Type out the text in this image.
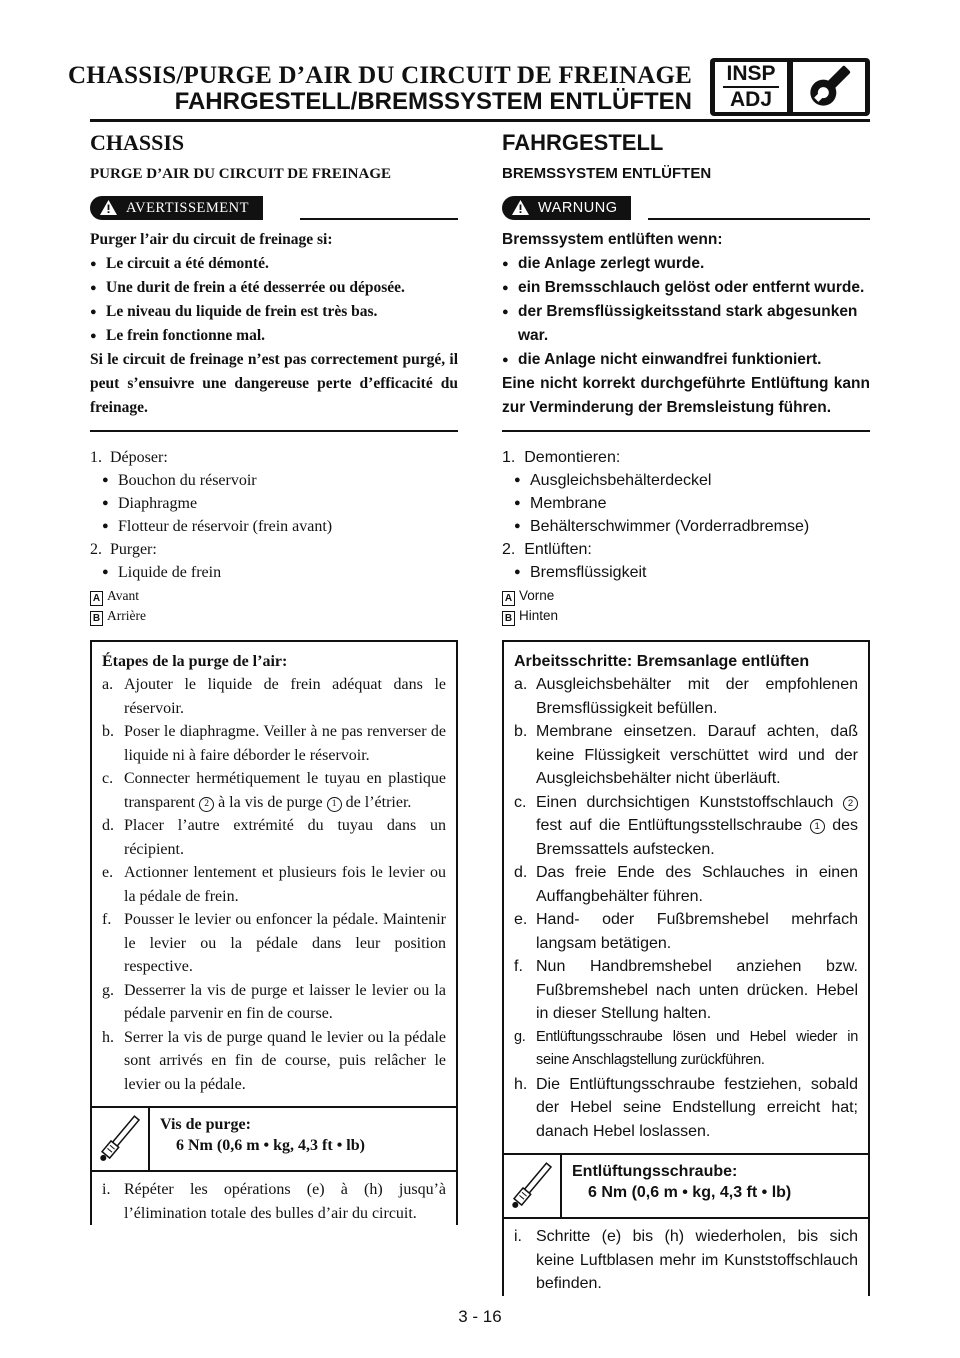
CHASSIS/PURGE D’AIR DU CIRCUIT DE FREINAGE
FAHRGESTELL/BREMSSYSTEM ENTLÜFTEN
INSP
ADJ
CHASSIS
PURGE D’AIR DU CIRCUIT DE FREINAGE
AVERTISSEMENT

Purger l’air du circuit de freinage si:

● Le circuit a été démonté.
● Une durit de frein a été desserrée ou déposée.
● Le niveau du liquide de frein est très bas.
● Le frein fonctionne mal.

Si le circuit de freinage n’est pas correctement purgé, il peut s’ensuivre une dangereuse perte d’efficacité du freinage.

1.  Déposer:
● Bouchon du réservoir
● Diaphragme
● Flotteur de réservoir (frein avant)
2.  Purger:
● Liquide de frein
A Avant
B Arrière
Étapes de la purge de l’air:
a. Ajouter le liquide de frein adéquat dans le réservoir.
b. Poser le diaphragme. Veiller à ne pas renverser de liquide ni à faire déborder le réservoir.
c. Connecter hermétiquement le tuyau en plastique transparent 2 à la vis de purge 1 de l’étrier.
d. Placer l’autre extrémité du tuyau dans un récipient.
e. Actionner lentement et plusieurs fois le levier ou la pédale de frein.
f. Pousser le levier ou enfoncer la pédale. Maintenir le levier ou la pédale dans leur position respective.
g. Desserrer la vis de purge et laisser le levier ou la pédale parvenir en fin de course.
h. Serrer la vis de purge quand le levier ou la pédale sont arrivés en fin de course, puis relâcher le levier ou la pédale.
Vis de purge:
6 Nm (0,6 m • kg, 4,3 ft • lb)
i. Répéter les opérations (e) à (h) jusqu’à l’élimination totale des bulles d’air du circuit.
FAHRGESTELL
BREMSSYSTEM ENTLÜFTEN
WARNUNG

Bremssystem entlüften wenn:

● die Anlage zerlegt wurde.
● ein Bremsschlauch gelöst oder entfernt wurde.
● der Bremsflüssigkeitsstand stark abgesunken war.
● die Anlage nicht einwandfrei funktioniert.

Eine nicht korrekt durchgeführte Entlüftung kann zur Verminderung der Bremsleistung führen.

1.  Demontieren:
● Ausgleichsbehälterdeckel
● Membrane
● Behälterschwimmer (Vorderradbremse)
2.  Entlüften:
● Bremsflüssigkeit
A Vorne
B Hinten
Arbeitsschritte: Bremsanlage entlüften
a. Ausgleichsbehälter mit der empfohlenen Bremsflüssigkeit befüllen.
b. Membrane einsetzen. Darauf achten, daß keine Flüssigkeit verschüttet wird und der Ausgleichsbehälter nicht überläuft.
c. Einen durchsichtigen Kunststoffschlauch 2 fest auf die Entlüftungsstellschraube 1 des Bremssattels aufstecken.
d. Das freie Ende des Schlauches in einen Auffangbehälter führen.
e. Hand- oder Fußbremshebel mehrfach langsam betätigen.
f. Nun Handbremshebel anziehen bzw. Fußbremshebel nach unten drücken. Hebel in dieser Stellung halten.
g. Entlüftungsschraube lösen und Hebel wieder in seine Anschlagstellung zurückführen.
h. Die Entlüftungsschraube festziehen, sobald der Hebel seine Endstellung erreicht hat; danach Hebel loslassen.
Entlüftungsschraube:
6 Nm (0,6 m • kg, 4,3 ft • lb)
i. Schritte (e) bis (h) wiederholen, bis sich keine Luftblasen mehr im Kunststoffschlauch befinden.
3 - 16
